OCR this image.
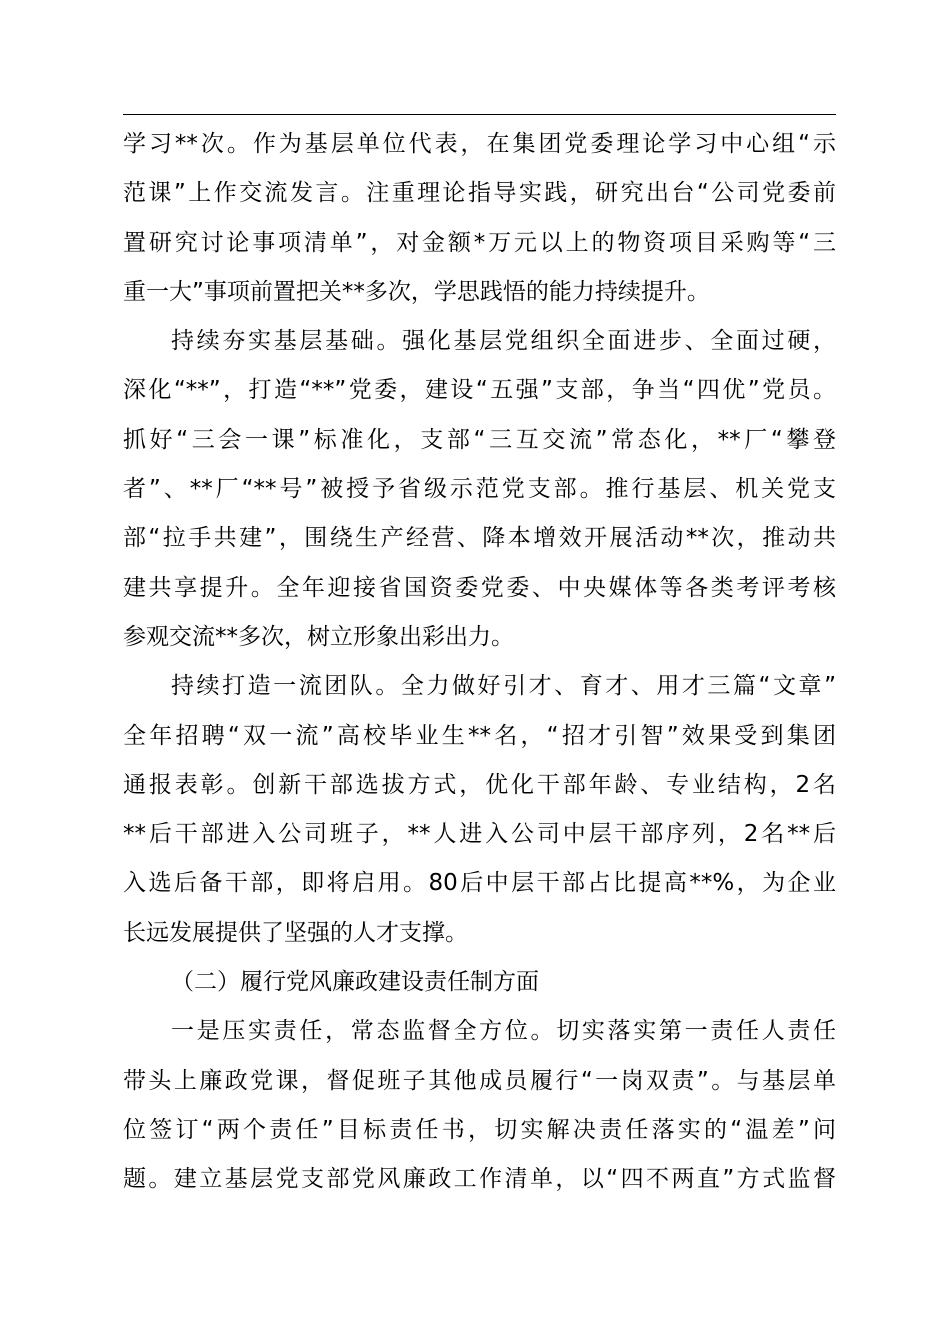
学习**次。作为基层单位代表，在集团党委理论学习中心组“示
范课”上作交流发言。注重理论指导实践，研究出台“公司党委前
置研究讨论事项清单”，对金额*万元以上的物资项目采购等“三
重一大”事项前置把关**多次，学思践悟的能力持续提升。
持续夯实基层基础。强化基层党组织全面进步、全面过硬，
深化“**”，打造“**”党委，建设“五强”支部，争当“四优”党员。
抓好“三会一课”标准化，支部“三互交流”常态化，**厂“攀登
者”、**厂“**号”被授予省级示范党支部。推行基层、机关党支
部“拉手共建”，围绕生产经营、降本增效开展活动**次，推动共
建共享提升。全年迎接省国资委党委、中央媒体等各类考评考核
参观交流**多次，树立形象出彩出力。
持续打造一流团队。全力做好引才、育才、用才三篇“文章”
全年招聘“双一流”高校毕业生**名，“招才引智”效果受到集团
通报表彰。创新干部选拔方式，优化干部年龄、专业结构，2名
**后干部进入公司班子，**人进入公司中层干部序列，2名**后
入选后备干部，即将启用。80后中层干部占比提高**%，为企业
长远发展提供了坚强的人才支撑。
（二）履行党风廉政建设责任制方面
一是压实责任，常态监督全方位。切实落实第一责任人责任
带头上廉政党课，督促班子其他成员履行“一岗双责”。与基层单
位签订“两个责任”目标责任书，切实解决责任落实的“温差”问
题。建立基层党支部党风廉政工作清单，以“四不两直”方式监督
